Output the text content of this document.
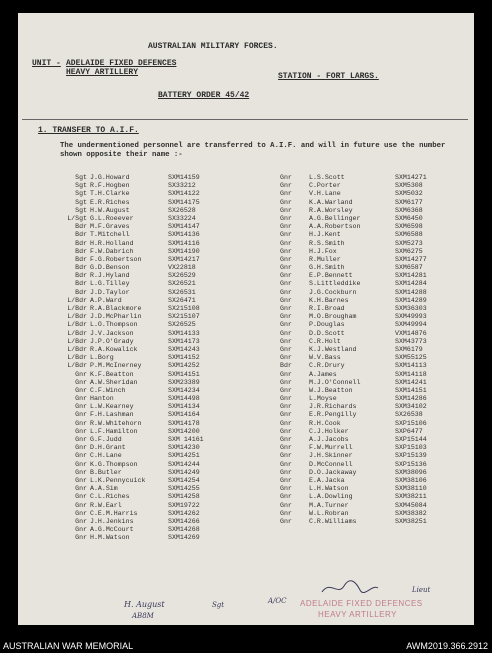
AUSTRALIAN MILITARY FORCES.
UNIT - ADELAIDE FIXED DEFENCES
HEAVY ARTILLERY	STATION - FORT LARGS.
BATTERY ORDER 45/42
1. TRANSFER TO A.I.F.
The undermentioned personnel are transferred to A.I.F. and will in future use the number shown opposite their name :-
Sgt J.G.Howard	SXM14159
Sgt R.F.Hogben	SX33212
Sgt T.H.Clarke	SXM14122
Sgt E.R.Riches	SXM14175
Sgt H.W.August	SX26528
L/Sgt G.L.Roeever	SX33224
Bdr M.F.Graves	SXM14147
Bdr T.Mitchell	SXM14136
Bdr H.R.Holland	SXM14116
Bdr F.W.Dabrich	SXM14190
Bdr F.G.Robertson	SXM14217
Bdr G.D.Benson	VX22818
Bdr R.J.Hyland	SX26529
Bdr L.G.Tilley	SX26521
Bdr J.D.Taylor	SX26531
L/Bdr A.P.Ward	SX26471
L/Bdr R.A.Blackmore	SX215108
L/Bdr J.D.McPharlin	SX215107
L/Bdr L.O.Thompson	SX26525
L/Bdr J.V.Jackson	SXM14133
L/Bdr J.P.O'Grady	SXM14173
L/Bdr R.A.Kowalick	SXM14243
L/Bdr L.Borg	SXM14152
L/Bdr P.M.McInerney	SXM14252
Gnr K.F.Beatton	SXM14151
Gnr A.W.Sheridan	SXM23389
Gnr C.F.Winch	SXM14234
Gnr Hanton	SXM14498
Gnr L.W.Kearney	SXM14134
Gnr F.H.Lashman	SXM14164
Gnr R.W.Whitehorn	SXM14178
Gnr L.F.Hamilton	SXM14200
Gnr G.F.Judd	SXM 14161
Gnr D.H.Grant	SXM14230
Gnr C.H.Lane	SXM14251
Gnr K.G.Thompson	SXM14244
Gnr B.Butler	SXM14249
Gnr L.K.Pennycuick	SXM14254
Gnr A.A.Sim	SXM14255
Gnr C.L.Riches	SXM14258
Gnr R.W.Earl	SXM19722
Gnr C.E.M.Harris	SXM14262
Gnr J.H.Jenkins	SXM14266
Gnr A.G.McCourt	SXM14268
Gnr H.M.Watson	SXM14269
Gnr	L.S.Scott	SXM14271
Gnr	C.Porter	SXM5308
Gnr	V.H.Lane	SXM5032
Gnr	K.A.Warland	SXM6177
Gnr	R.A.Worsley	SXM6368
Gnr	A.G.Bellinger	SXM6450
Gnr	A.A.Robertson	SXM6598
Gnr	H.J.Kent	SXM6588
Gnr	R.S.Smith	SXM5273
Gnr	H.J.Fox	SXM6275
Gnr	R.Muller	SXM14277
Gnr	G.H.Smith	SXM6587
Gnr	E.P.Bennett	SXM14281
Gnr	S.Littleddike	SXM14284
Gnr	J.G.Cockburn	SXM14288
Gnr	K.H.Barnes	SXM14289
Gnr	R.I.Broad	SXM36303
Gnr	M.O.Brougham	SXM49993
Gnr	P.Douglas	SXM49994
Gnr	D.D.Scott	VXM14876
Gnr	C.R.Holt	SXM43773
Gnr	K.J.Westland	SXM6179
Gnr	W.V.Bass	SXM55125
Bdr	C.R.Drury	SXM14113
Gnr	A.James	SXM14118
Gnr	M.J.O'Connell	SXM14241
Gnr	W.J.Beatton	SXM14151
Gnr	L.Moyse	SXM14286
Gnr	J.R.Richards	SXM34102
Gnr	E.R.Pengilly	SX26538
Gnr	R.H.Cook	SXP15106
Gnr	C.J.Holker	SXP6477
Gnr	A.J.Jacobs	SXP15144
Gnr	F.W.Murrell	SXP15103
Gnr	J.H.Skinner	SXP15139
Gnr	D.McConnell	SXP15136
Gnr	D.O.Jackaway	SXM38096
Gnr	E.A.Jacka	SXM38106
Gnr	L.H.Watson	SXM38110
Gnr	L.A.Dowling	SXM38211
Gnr	M.A.Turner	SXM45084
Gnr	W.L.Robran	SXM38382
Gnr	C.R.Williams	SXM38251
H. August	Sgt
AB8M
A/OC ADELAIDE FIXED DEFENCES
HEAVY ARTILLERY
Lieut
AUSTRALIAN WAR MEMORIAL	AWM2019.366.2912
